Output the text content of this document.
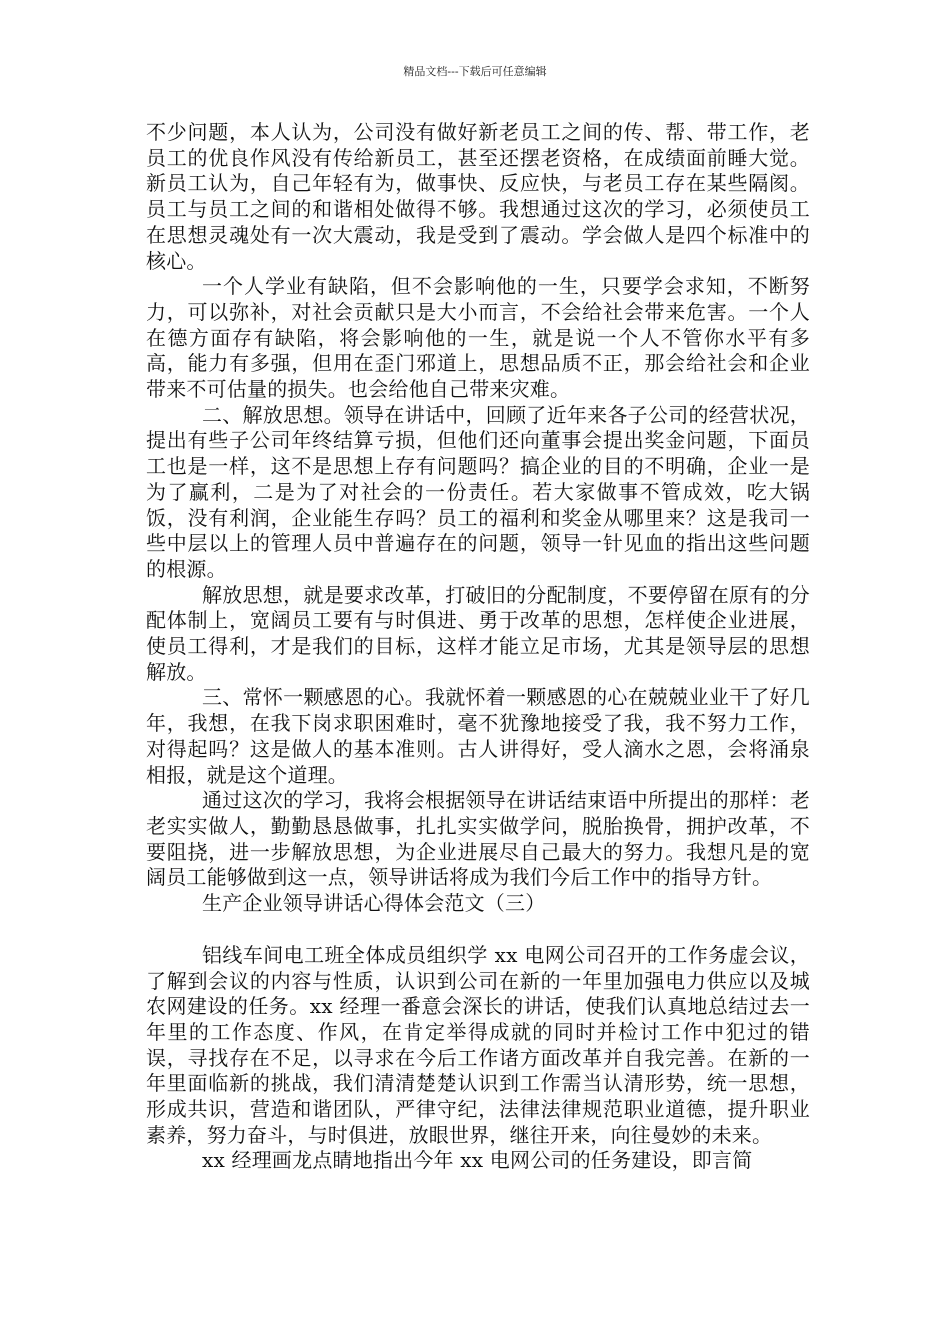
精品文档---下载后可任意编辑

不少问题，本人认为，公司没有做好新老员工之间的传、帮、带工作，老员工的优良作风没有传给新员工，甚至还摆老资格，在成绩面前睡大觉。新员工认为，自己年轻有为，做事快、反应快，与老员工存在某些隔阂。员工与员工之间的和谐相处做得不够。我想通过这次的学习，必须使员工在思想灵魂处有一次大震动，我是受到了震动。学会做人是四个标准中的核心。

一个人学业有缺陷，但不会影响他的一生，只要学会求知，不断努力，可以弥补，对社会贡献只是大小而言，不会给社会带来危害。一个人在德方面存有缺陷，将会影响他的一生，就是说一个人不管你水平有多高，能力有多强，但用在歪门邪道上，思想品质不正，那会给社会和企业带来不可估量的损失。也会给他自己带来灾难。

二、解放思想。领导在讲话中，回顾了近年来各子公司的经营状况，提出有些子公司年终结算亏损，但他们还向董事会提出奖金问题，下面员工也是一样，这不是思想上存有问题吗？搞企业的目的不明确，企业一是为了赢利，二是为了对社会的一份责任。若大家做事不管成效，吃大锅饭，没有利润，企业能生存吗？员工的福利和奖金从哪里来？这是我司一些中层以上的管理人员中普遍存在的问题，领导一针见血的指出这些问题的根源。

解放思想，就是要求改革，打破旧的分配制度，不要停留在原有的分配体制上，宽阔员工要有与时俱进、勇于改革的思想，怎样使企业进展，使员工得利，才是我们的目标，这样才能立足市场，尤其是领导层的思想解放。

三、常怀一颗感恩的心。我就怀着一颗感恩的心在兢兢业业干了好几年，我想，在我下岗求职困难时，毫不犹豫地接受了我，我不努力工作，对得起吗？这是做人的基本准则。古人讲得好，受人滴水之恩，会将涌泉相报，就是这个道理。

通过这次的学习，我将会根据领导在讲话结束语中所提出的那样：老老实实做人，勤勤恳恳做事，扎扎实实做学问，脱胎换骨，拥护改革，不要阻挠，进一步解放思想，为企业进展尽自己最大的努力。我想凡是的宽阔员工能够做到这一点，领导讲话将成为我们今后工作中的指导方针。

生产企业领导讲话心得体会范文（三）

铝线车间电工班全体成员组织学 xx 电网公司召开的工作务虚会议，了解到会议的内容与性质，认识到公司在新的一年里加强电力供应以及城农网建设的任务。xx 经理一番意会深长的讲话，使我们认真地总结过去一年里的工作态度、作风，在肯定举得成就的同时并检讨工作中犯过的错误，寻找存在不足，以寻求在今后工作诸方面改革并自我完善。在新的一年里面临新的挑战，我们清清楚楚认识到工作需当认清形势，统一思想，形成共识，营造和谐团队，严律守纪，法律法律规范职业道德，提升职业素养，努力奋斗，与时俱进，放眼世界，继往开来，向往曼妙的未来。

xx 经理画龙点睛地指出今年 xx 电网公司的任务建设，即言简
